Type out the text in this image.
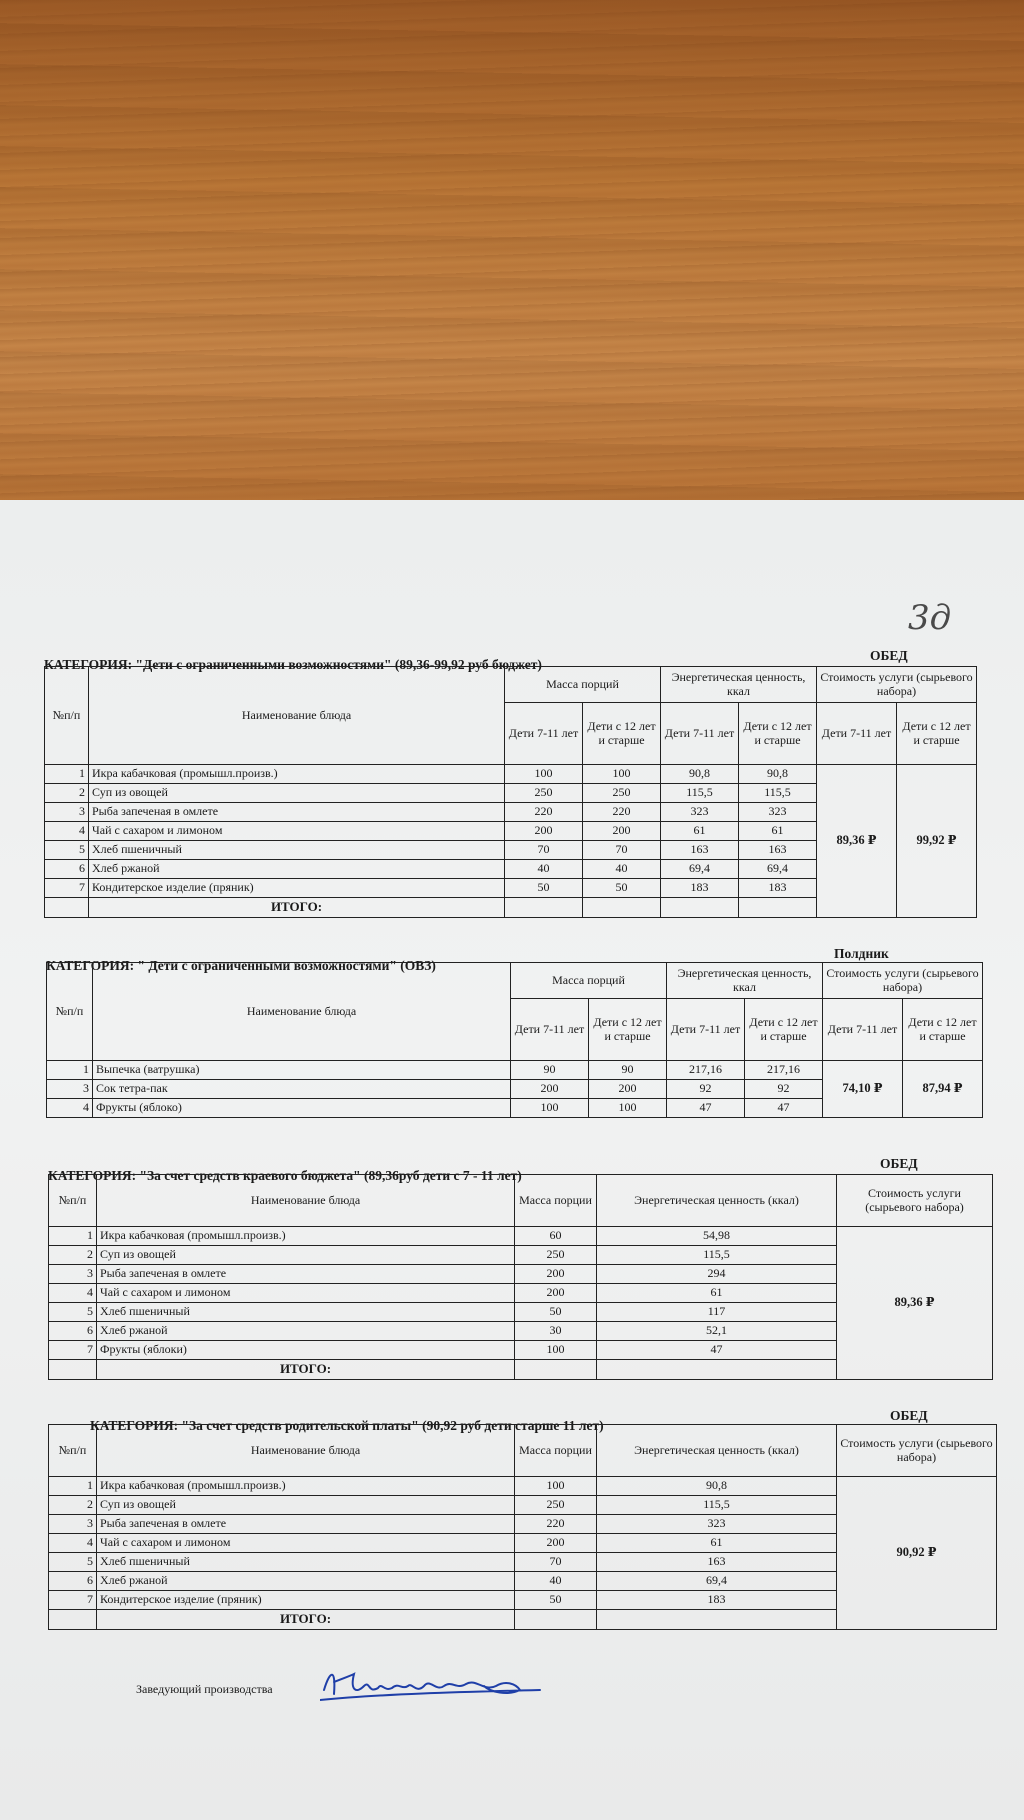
3д
КАТЕГОРИЯ: "Дети с ограниченными возможностями" (89,36-99,92 руб бюджет)
ОБЕД
№п/п	Наименование блюда	Масса порций		Энергетическая ценность, ккал		Стоимость услуги (сырьевого набора)	
		Дети 7-11 лет	Дети с 12 лет и старше	Дети 7-11 лет	Дети с 12 лет и старше	Дети 7-11 лет	Дети с 12 лет и старше
1	Икра кабачковая (промышл.произв.)	100	100	90,8	90,8	89,36 ₽	99,92 ₽
2	Суп из овощей	250	250	115,5	115,5		
3	Рыба запеченая в омлете	220	220	323	323		
4	Чай с сахаром и лимоном	200	200	61	61		
5	Хлеб пшеничный	70	70	163	163		
6	Хлеб ржаной	40	40	69,4	69,4		
7	Кондитерское изделие (пряник)	50	50	183	183		
	ИТОГО:						
КАТЕГОРИЯ: " Дети с ограниченными возможностями" (ОВЗ)
Полдник
№п/п	Наименование блюда	Масса порций		Энергетическая ценность, ккал		Стоимость услуги (сырьевого набора)	
		Дети 7-11 лет	Дети с 12 лет и старше	Дети 7-11 лет	Дети с 12 лет и старше	Дети 7-11 лет	Дети с 12 лет и старше
1	Выпечка (ватрушка)	90	90	217,16	217,16	74,10 ₽	87,94 ₽
3	Сок тетра-пак	200	200	92	92		
4	Фрукты (яблоко)	100	100	47	47		
КАТЕГОРИЯ: "За счет средств краевого бюджета" (89,36руб дети с 7 - 11 лет)
ОБЕД
№п/п	Наименование блюда	Масса порции	Энергетическая ценность (ккал)	Стоимость услуги (сырьевого набора)
1	Икра кабачковая (промышл.произв.)	60	54,98	89,36 ₽
2	Суп из овощей	250	115,5	
3	Рыба запеченая в омлете	200	294	
4	Чай с сахаром и лимоном	200	61	
5	Хлеб пшеничный	50	117	
6	Хлеб ржаной	30	52,1	
7	Фрукты (яблоки)	100	47	
	ИТОГО:			
КАТЕГОРИЯ: "За счет средств родительской платы" (90,92 руб дети старше 11 лет)
ОБЕД
№п/п	Наименование блюда	Масса порции	Энергетическая ценность (ккал)	Стоимость услуги (сырьевого набора)
1	Икра кабачковая (промышл.произв.)	100	90,8	90,92 ₽
2	Суп из овощей	250	115,5	
3	Рыба запеченая в омлете	220	323	
4	Чай с сахаром и лимоном	200	61	
5	Хлеб пшеничный	70	163	
6	Хлеб ржаной	40	69,4	
7	Кондитерское изделие (пряник)	50	183	
	ИТОГО:			
Заведующий производства
